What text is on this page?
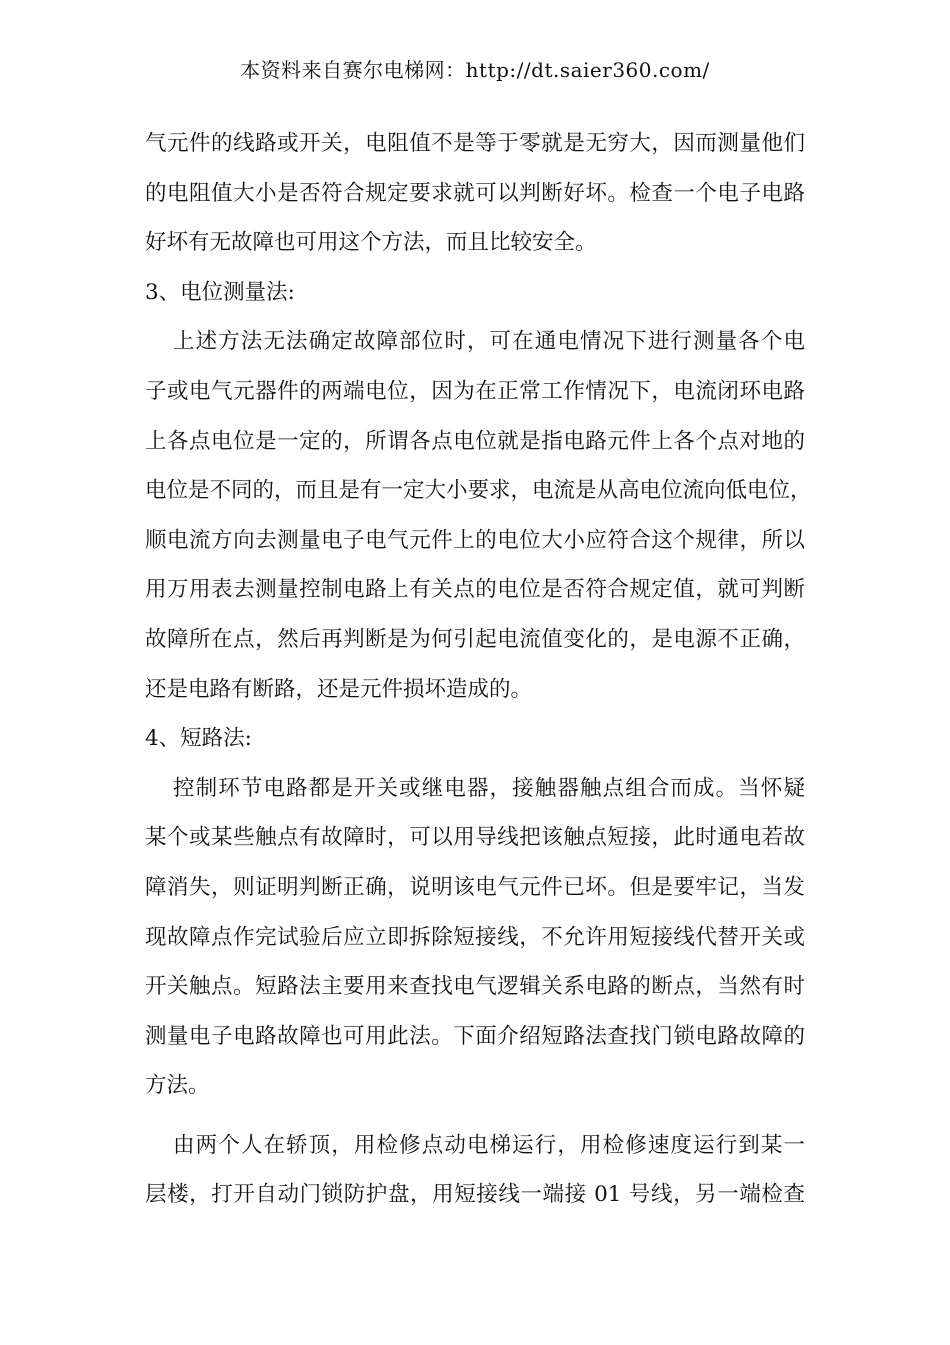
本资料来自赛尔电梯网：http://dt.saier360.com/
气元件的线路或开关，电阻值不是等于零就是无穷大，因而测量他们
的电阻值大小是否符合规定要求就可以判断好坏。检查一个电子电路
好坏有无故障也可用这个方法，而且比较安全。
3、电位测量法:
上述方法无法确定故障部位时，可在通电情况下进行测量各个电
子或电气元器件的两端电位，因为在正常工作情况下，电流闭环电路
上各点电位是一定的，所谓各点电位就是指电路元件上各个点对地的
电位是不同的，而且是有一定大小要求，电流是从高电位流向低电位，
顺电流方向去测量电子电气元件上的电位大小应符合这个规律，所以
用万用表去测量控制电路上有关点的电位是否符合规定值，就可判断
故障所在点，然后再判断是为何引起电流值变化的，是电源不正确，
还是电路有断路，还是元件损坏造成的。
4、短路法:
控制环节电路都是开关或继电器，接触器触点组合而成。当怀疑
某个或某些触点有故障时，可以用导线把该触点短接，此时通电若故
障消失，则证明判断正确，说明该电气元件已坏。但是要牢记，当发
现故障点作完试验后应立即拆除短接线，不允许用短接线代替开关或
开关触点。短路法主要用来查找电气逻辑关系电路的断点，当然有时
测量电子电路故障也可用此法。下面介绍短路法查找门锁电路故障的
方法。
由两个人在轿顶，用检修点动电梯运行，用检修速度运行到某一
层楼，打开自动门锁防护盘，用短接线一端接 01 号线，另一端检查
